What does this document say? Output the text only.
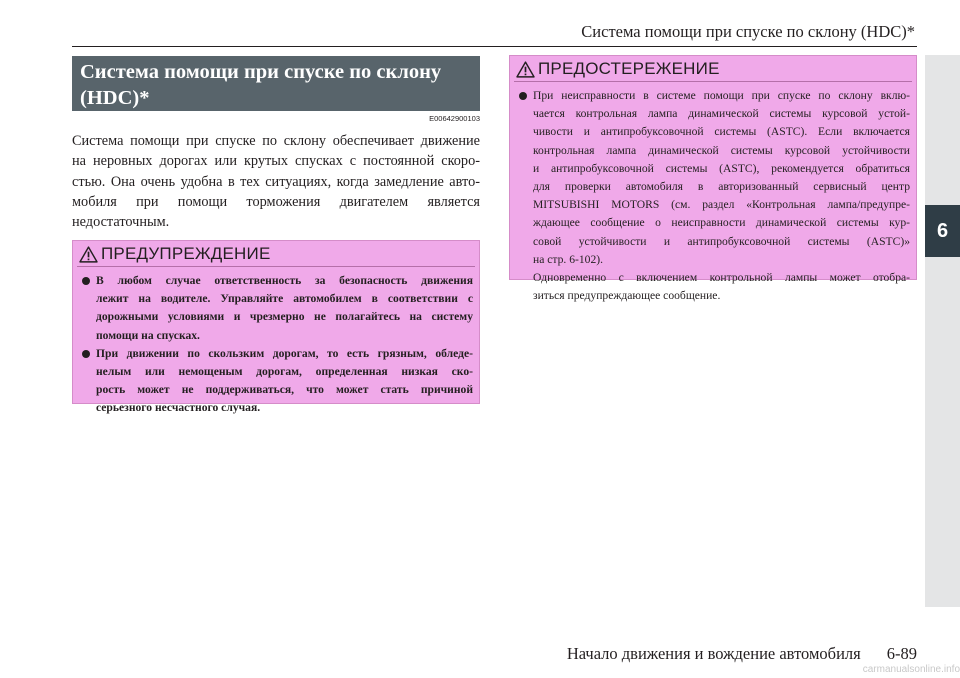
Система помощи при спуске по склону (HDC)*
6
Система помощи при спуске по склону
(HDC)*
E00642900103

Система помощи при спуске по склону обеспечивает движение
на неровных дорогах или крутых спусках с постоянной скоро-
стью. Она очень удобна в тех ситуациях, когда замедление авто-
мобиля при помощи торможения двигателем является
недостаточным.

ПРЕДУПРЕЖДЕНИЕ
В любом случае ответственность за безопасность движения
лежит на водителе. Управляйте автомобилем в соответствии с
дорожными условиями и чрезмерно не полагайтесь на систему
помощи на спусках.
При движении по скользким дорогам, то есть грязным, обледе-
нелым или немощеным дорогам, определенная низкая ско-
рость может не поддерживаться, что может стать причиной
серьезного несчастного случая.
ПРЕДОСТЕРЕЖЕНИЕ
При неисправности в системе помощи при спуске по склону вклю-
чается контрольная лампа динамической системы курсовой устой-
чивости и антипробуксовочной системы (ASTC). Если включается
контрольная лампа динамической системы курсовой устойчивости
и антипробуксовочной системы (ASTC), рекомендуется обратиться
для проверки автомобиля в авторизованный сервисный центр
MITSUBISHI MOTORS (см. раздел «Контрольная лампа/предупре-
ждающее сообщение о неисправности динамической системы кур-
совой устойчивости и антипробуксовочной системы (ASTC)»
на стр. 6-102).
Одновременно с включением контрольной лампы может отобра-
зиться предупреждающее сообщение.
Начало движения и вождение автомобиля 6-89
carmanualsonline.info
